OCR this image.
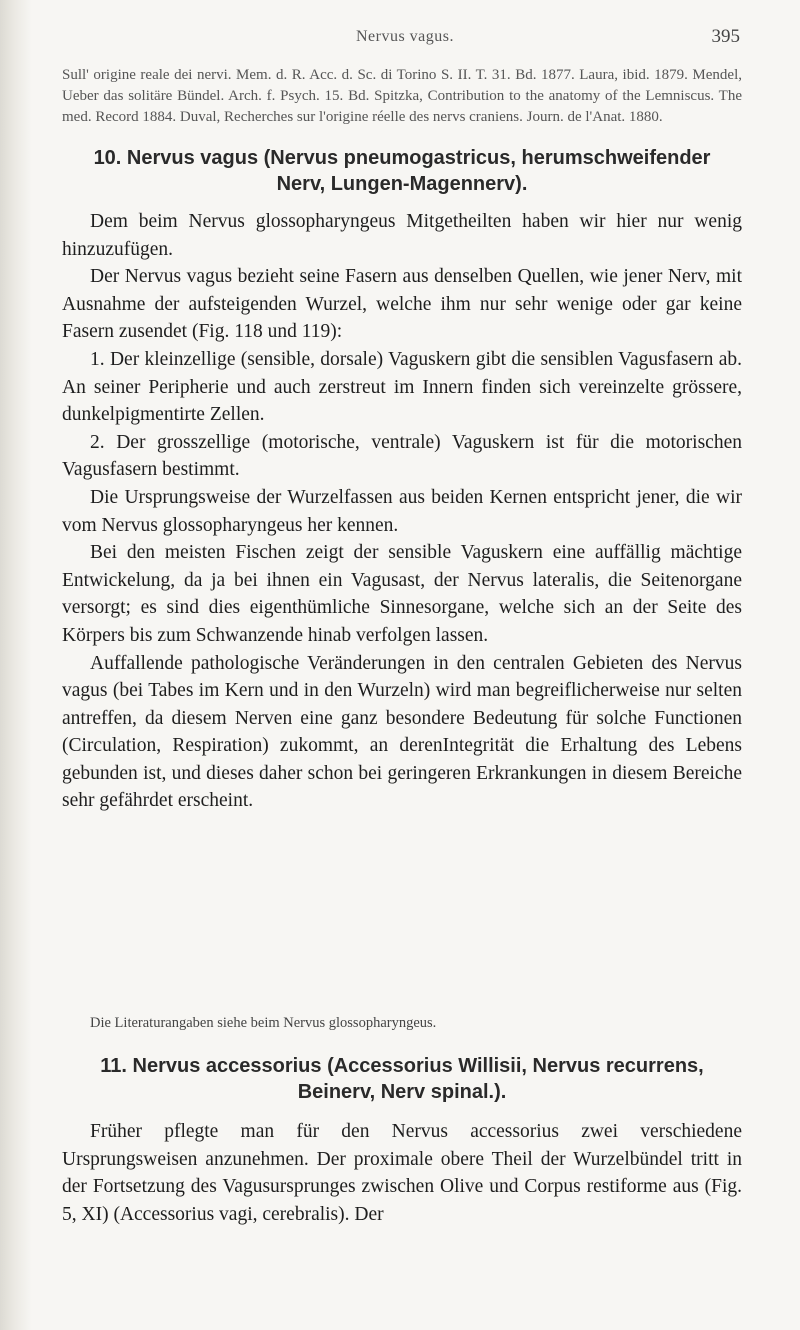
Nervus vagus.	395
Sull' origine reale dei nervi. Mem. d. R. Acc. d. Sc. di Torino S. II. T. 31. Bd. 1877. Laura, ibid. 1879. Mendel, Ueber das solitäre Bündel. Arch. f. Psych. 15. Bd. Spitzka, Contribution to the anatomy of the Lemniscus. The med. Record 1884. Duval, Recherches sur l'origine réelle des nervs craniens. Journ. de l'Anat. 1880.
10. Nervus vagus (Nervus pneumogastricus, herumschweifender
Nerv, Lungen-Magennerv).

Dem beim Nervus glossopharyngeus Mitgetheilten haben wir hier nur wenig hinzuzufügen.

Der Nervus vagus bezieht seine Fasern aus denselben Quellen, wie jener Nerv, mit Ausnahme der aufsteigenden Wurzel, welche ihm nur sehr wenige oder gar keine Fasern zusendet (Fig. 118 und 119):

1. Der kleinzellige (sensible, dorsale) Vaguskern gibt die sensiblen Vagusfasern ab. An seiner Peripherie und auch zerstreut im Innern finden sich vereinzelte grössere, dunkelpigmentirte Zellen.

2. Der grosszellige (motorische, ventrale) Vaguskern ist für die motorischen Vagusfasern bestimmt.

Die Ursprungsweise der Wurzelfassen aus beiden Kernen entspricht jener, die wir vom Nervus glossopharyngeus her kennen.

Bei den meisten Fischen zeigt der sensible Vaguskern eine auffällig mächtige Entwickelung, da ja bei ihnen ein Vagusast, der Nervus lateralis, die Seitenorgane versorgt; es sind dies eigenthümliche Sinnesorgane, welche sich an der Seite des Körpers bis zum Schwanzende hinab verfolgen lassen.

Auffallende pathologische Veränderungen in den centralen Gebieten des Nervus vagus (bei Tabes im Kern und in den Wurzeln) wird man begreiflicherweise nur selten antreffen, da diesem Nerven eine ganz besondere Bedeutung für solche Functionen (Circulation, Respiration) zukommt, an derenIntegrität die Erhaltung des Lebens gebunden ist, und dieses daher schon bei geringeren Erkrankungen in diesem Bereiche sehr gefährdet erscheint.

Die Literaturangaben siehe beim Nervus glossopharyngeus.
11. Nervus accessorius (Accessorius Willisii, Nervus recurrens,
Beinerv, Nerv spinal.).

Früher pflegte man für den Nervus accessorius zwei verschiedene Ursprungsweisen anzunehmen. Der proximale obere Theil der Wurzelbündel tritt in der Fortsetzung des Vagusursprunges zwischen Olive und Corpus restiforme aus (Fig. 5, XI) (Accessorius vagi, cerebralis). Der
